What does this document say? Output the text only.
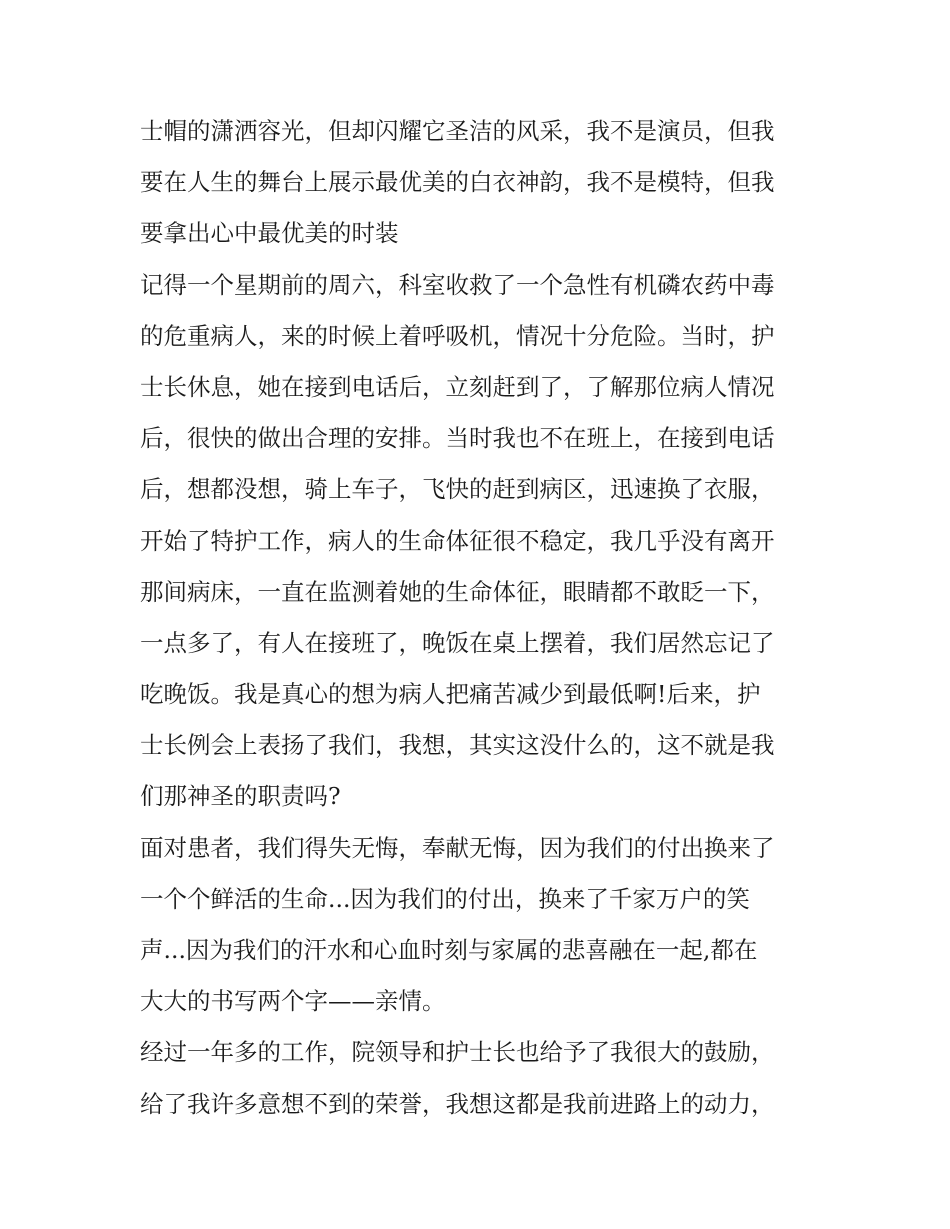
士帽的潇洒容光，但却闪耀它圣洁的风采，我不是演员，但我
要在人生的舞台上展示最优美的白衣神韵，我不是模特，但我
要拿出心中最优美的时装
记得一个星期前的周六，科室收救了一个急性有机磷农药中毒
的危重病人，来的时候上着呼吸机，情况十分危险。当时，护
士长休息，她在接到电话后，立刻赶到了，了解那位病人情况
后，很快的做出合理的安排。当时我也不在班上，在接到电话
后，想都没想，骑上车子，飞快的赶到病区，迅速换了衣服，
开始了特护工作，病人的生命体征很不稳定，我几乎没有离开
那间病床，一直在监测着她的生命体征，眼睛都不敢眨一下，
一点多了，有人在接班了，晚饭在桌上摆着，我们居然忘记了
吃晚饭。我是真心的想为病人把痛苦减少到最低啊!后来，护
士长例会上表扬了我们，我想，其实这没什么的，这不就是我
们那神圣的职责吗?
面对患者，我们得失无悔，奉献无悔，因为我们的付出换来了
一个个鲜活的生命...因为我们的付出，换来了千家万户的笑
声...因为我们的汗水和心血时刻与家属的悲喜融在一起,都在
大大的书写两个字——亲情。
经过一年多的工作，院领导和护士长也给予了我很大的鼓励，
给了我许多意想不到的荣誉，我想这都是我前进路上的动力，
